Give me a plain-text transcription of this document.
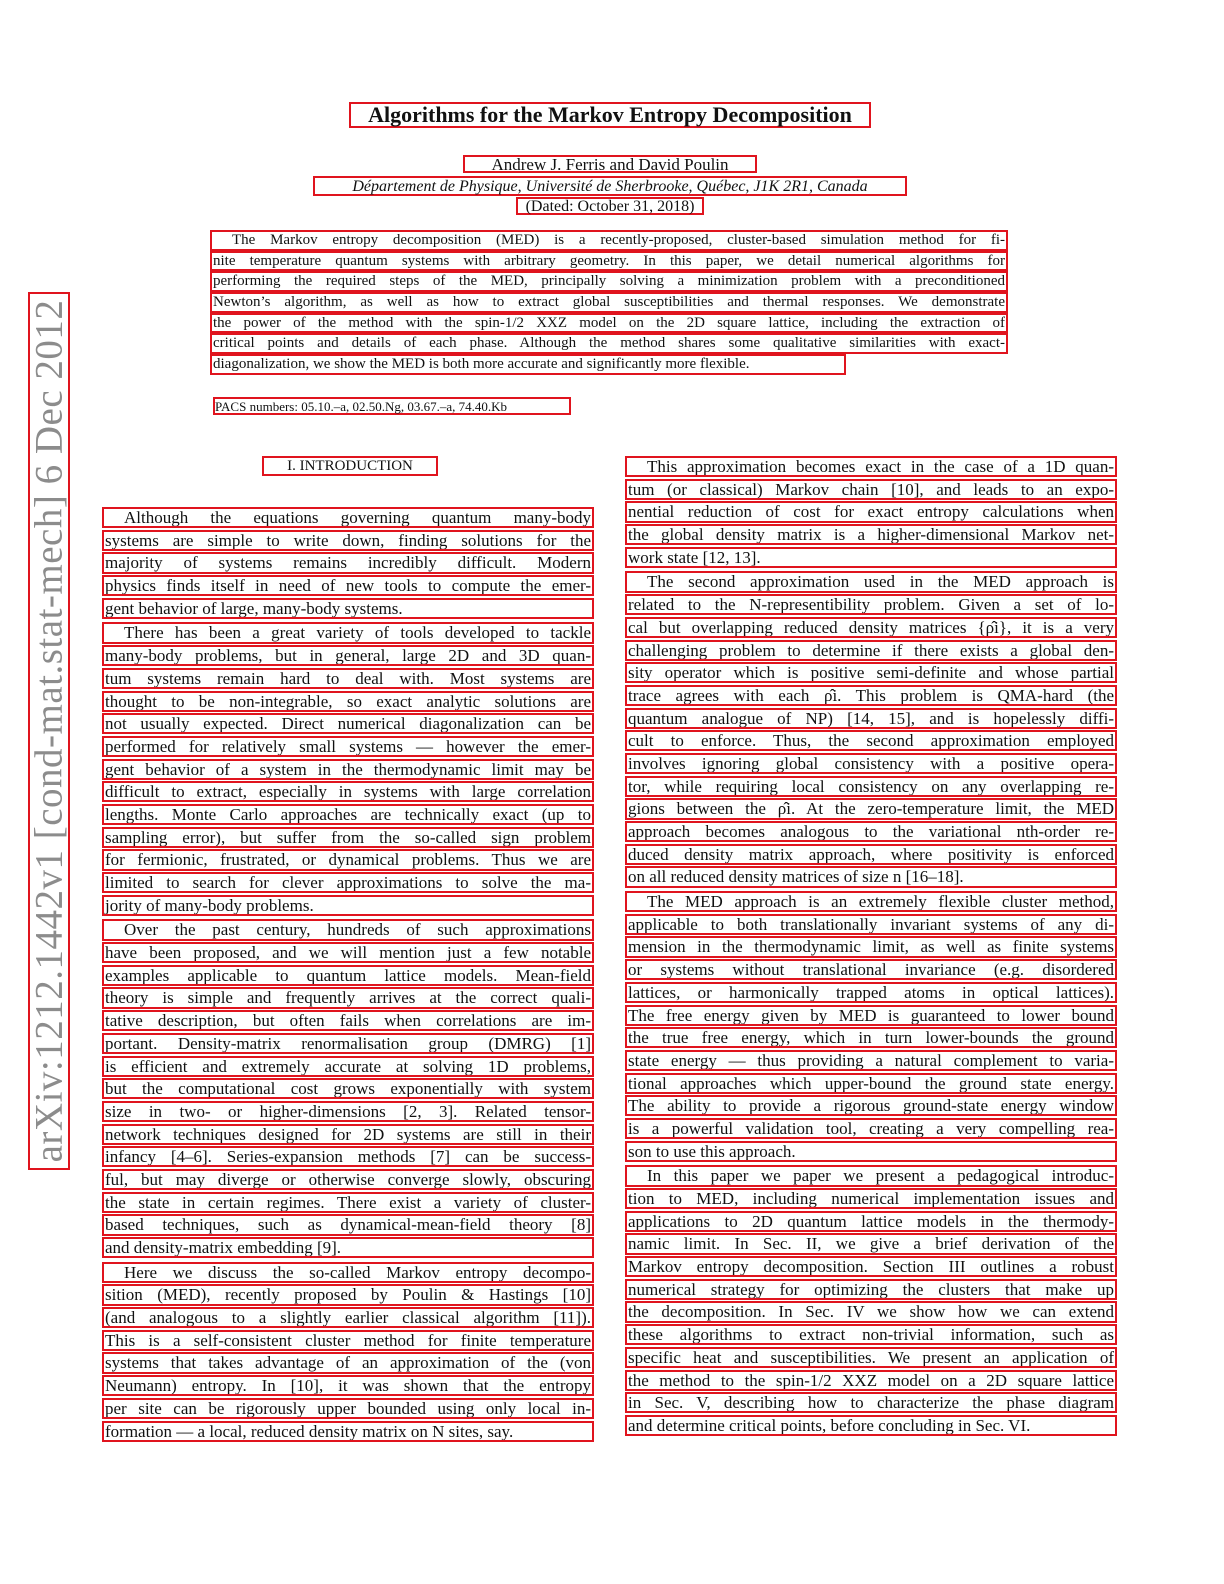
arXiv:1212.1442v1 [cond-mat.stat-mech] 6 Dec 2012
Algorithms for the Markov Entropy Decomposition
Andrew J. Ferris and David Poulin
Département de Physique, Université de Sherbrooke, Québec, J1K 2R1, Canada
(Dated: October 31, 2018)
The Markov entropy decomposition (MED) is a recently-proposed, cluster-based simulation method for fi-
nite temperature quantum systems with arbitrary geometry. In this paper, we detail numerical algorithms for
performing the required steps of the MED, principally solving a minimization problem with a preconditioned
Newton’s algorithm, as well as how to extract global susceptibilities and thermal responses. We demonstrate
the power of the method with the spin-1/2 XXZ model on the 2D square lattice, including the extraction of
critical points and details of each phase. Although the method shares some qualitative similarities with exact-
diagonalization, we show the MED is both more accurate and significantly more flexible.
PACS numbers: 05.10.–a, 02.50.Ng, 03.67.–a, 74.40.Kb
I. INTRODUCTION
Although the equations governing quantum many-body
systems are simple to write down, finding solutions for the
majority of systems remains incredibly difficult. Modern
physics finds itself in need of new tools to compute the emer-
gent behavior of large, many-body systems.
There has been a great variety of tools developed to tackle
many-body problems, but in general, large 2D and 3D quan-
tum systems remain hard to deal with. Most systems are
thought to be non-integrable, so exact analytic solutions are
not usually expected. Direct numerical diagonalization can be
performed for relatively small systems — however the emer-
gent behavior of a system in the thermodynamic limit may be
difficult to extract, especially in systems with large correlation
lengths. Monte Carlo approaches are technically exact (up to
sampling error), but suffer from the so-called sign problem
for fermionic, frustrated, or dynamical problems. Thus we are
limited to search for clever approximations to solve the ma-
jority of many-body problems.
Over the past century, hundreds of such approximations
have been proposed, and we will mention just a few notable
examples applicable to quantum lattice models. Mean-field
theory is simple and frequently arrives at the correct quali-
tative description, but often fails when correlations are im-
portant. Density-matrix renormalisation group (DMRG) [1]
is efficient and extremely accurate at solving 1D problems,
but the computational cost grows exponentially with system
size in two- or higher-dimensions [2, 3]. Related tensor-
network techniques designed for 2D systems are still in their
infancy [4–6]. Series-expansion methods [7] can be success-
ful, but may diverge or otherwise converge slowly, obscuring
the state in certain regimes. There exist a variety of cluster-
based techniques, such as dynamical-mean-field theory [8]
and density-matrix embedding [9].
Here we discuss the so-called Markov entropy decompo-
sition (MED), recently proposed by Poulin & Hastings [10]
(and analogous to a slightly earlier classical algorithm [11]).
This is a self-consistent cluster method for finite temperature
systems that takes advantage of an approximation of the (von
Neumann) entropy. In [10], it was shown that the entropy
per site can be rigorously upper bounded using only local in-
formation — a local, reduced density matrix on N sites, say.
This approximation becomes exact in the case of a 1D quan-
tum (or classical) Markov chain [10], and leads to an expo-
nential reduction of cost for exact entropy calculations when
the global density matrix is a higher-dimensional Markov net-
work state [12, 13].
The second approximation used in the MED approach is
related to the N-representibility problem. Given a set of lo-
cal but overlapping reduced density matrices {ρ̂i}, it is a very
challenging problem to determine if there exists a global den-
sity operator which is positive semi-definite and whose partial
trace agrees with each ρ̂i. This problem is QMA-hard (the
quantum analogue of NP) [14, 15], and is hopelessly diffi-
cult to enforce. Thus, the second approximation employed
involves ignoring global consistency with a positive opera-
tor, while requiring local consistency on any overlapping re-
gions between the ρ̂i. At the zero-temperature limit, the MED
approach becomes analogous to the variational nth-order re-
duced density matrix approach, where positivity is enforced
on all reduced density matrices of size n [16–18].
The MED approach is an extremely flexible cluster method,
applicable to both translationally invariant systems of any di-
mension in the thermodynamic limit, as well as finite systems
or systems without translational invariance (e.g. disordered
lattices, or harmonically trapped atoms in optical lattices).
The free energy given by MED is guaranteed to lower bound
the true free energy, which in turn lower-bounds the ground
state energy — thus providing a natural complement to varia-
tional approaches which upper-bound the ground state energy.
The ability to provide a rigorous ground-state energy window
is a powerful validation tool, creating a very compelling rea-
son to use this approach.
In this paper we paper we present a pedagogical introduc-
tion to MED, including numerical implementation issues and
applications to 2D quantum lattice models in the thermody-
namic limit. In Sec. II, we give a brief derivation of the
Markov entropy decomposition. Section III outlines a robust
numerical strategy for optimizing the clusters that make up
the decomposition. In Sec. IV we show how we can extend
these algorithms to extract non-trivial information, such as
specific heat and susceptibilities. We present an application of
the method to the spin-1/2 XXZ model on a 2D square lattice
in Sec. V, describing how to characterize the phase diagram
and determine critical points, before concluding in Sec. VI.
